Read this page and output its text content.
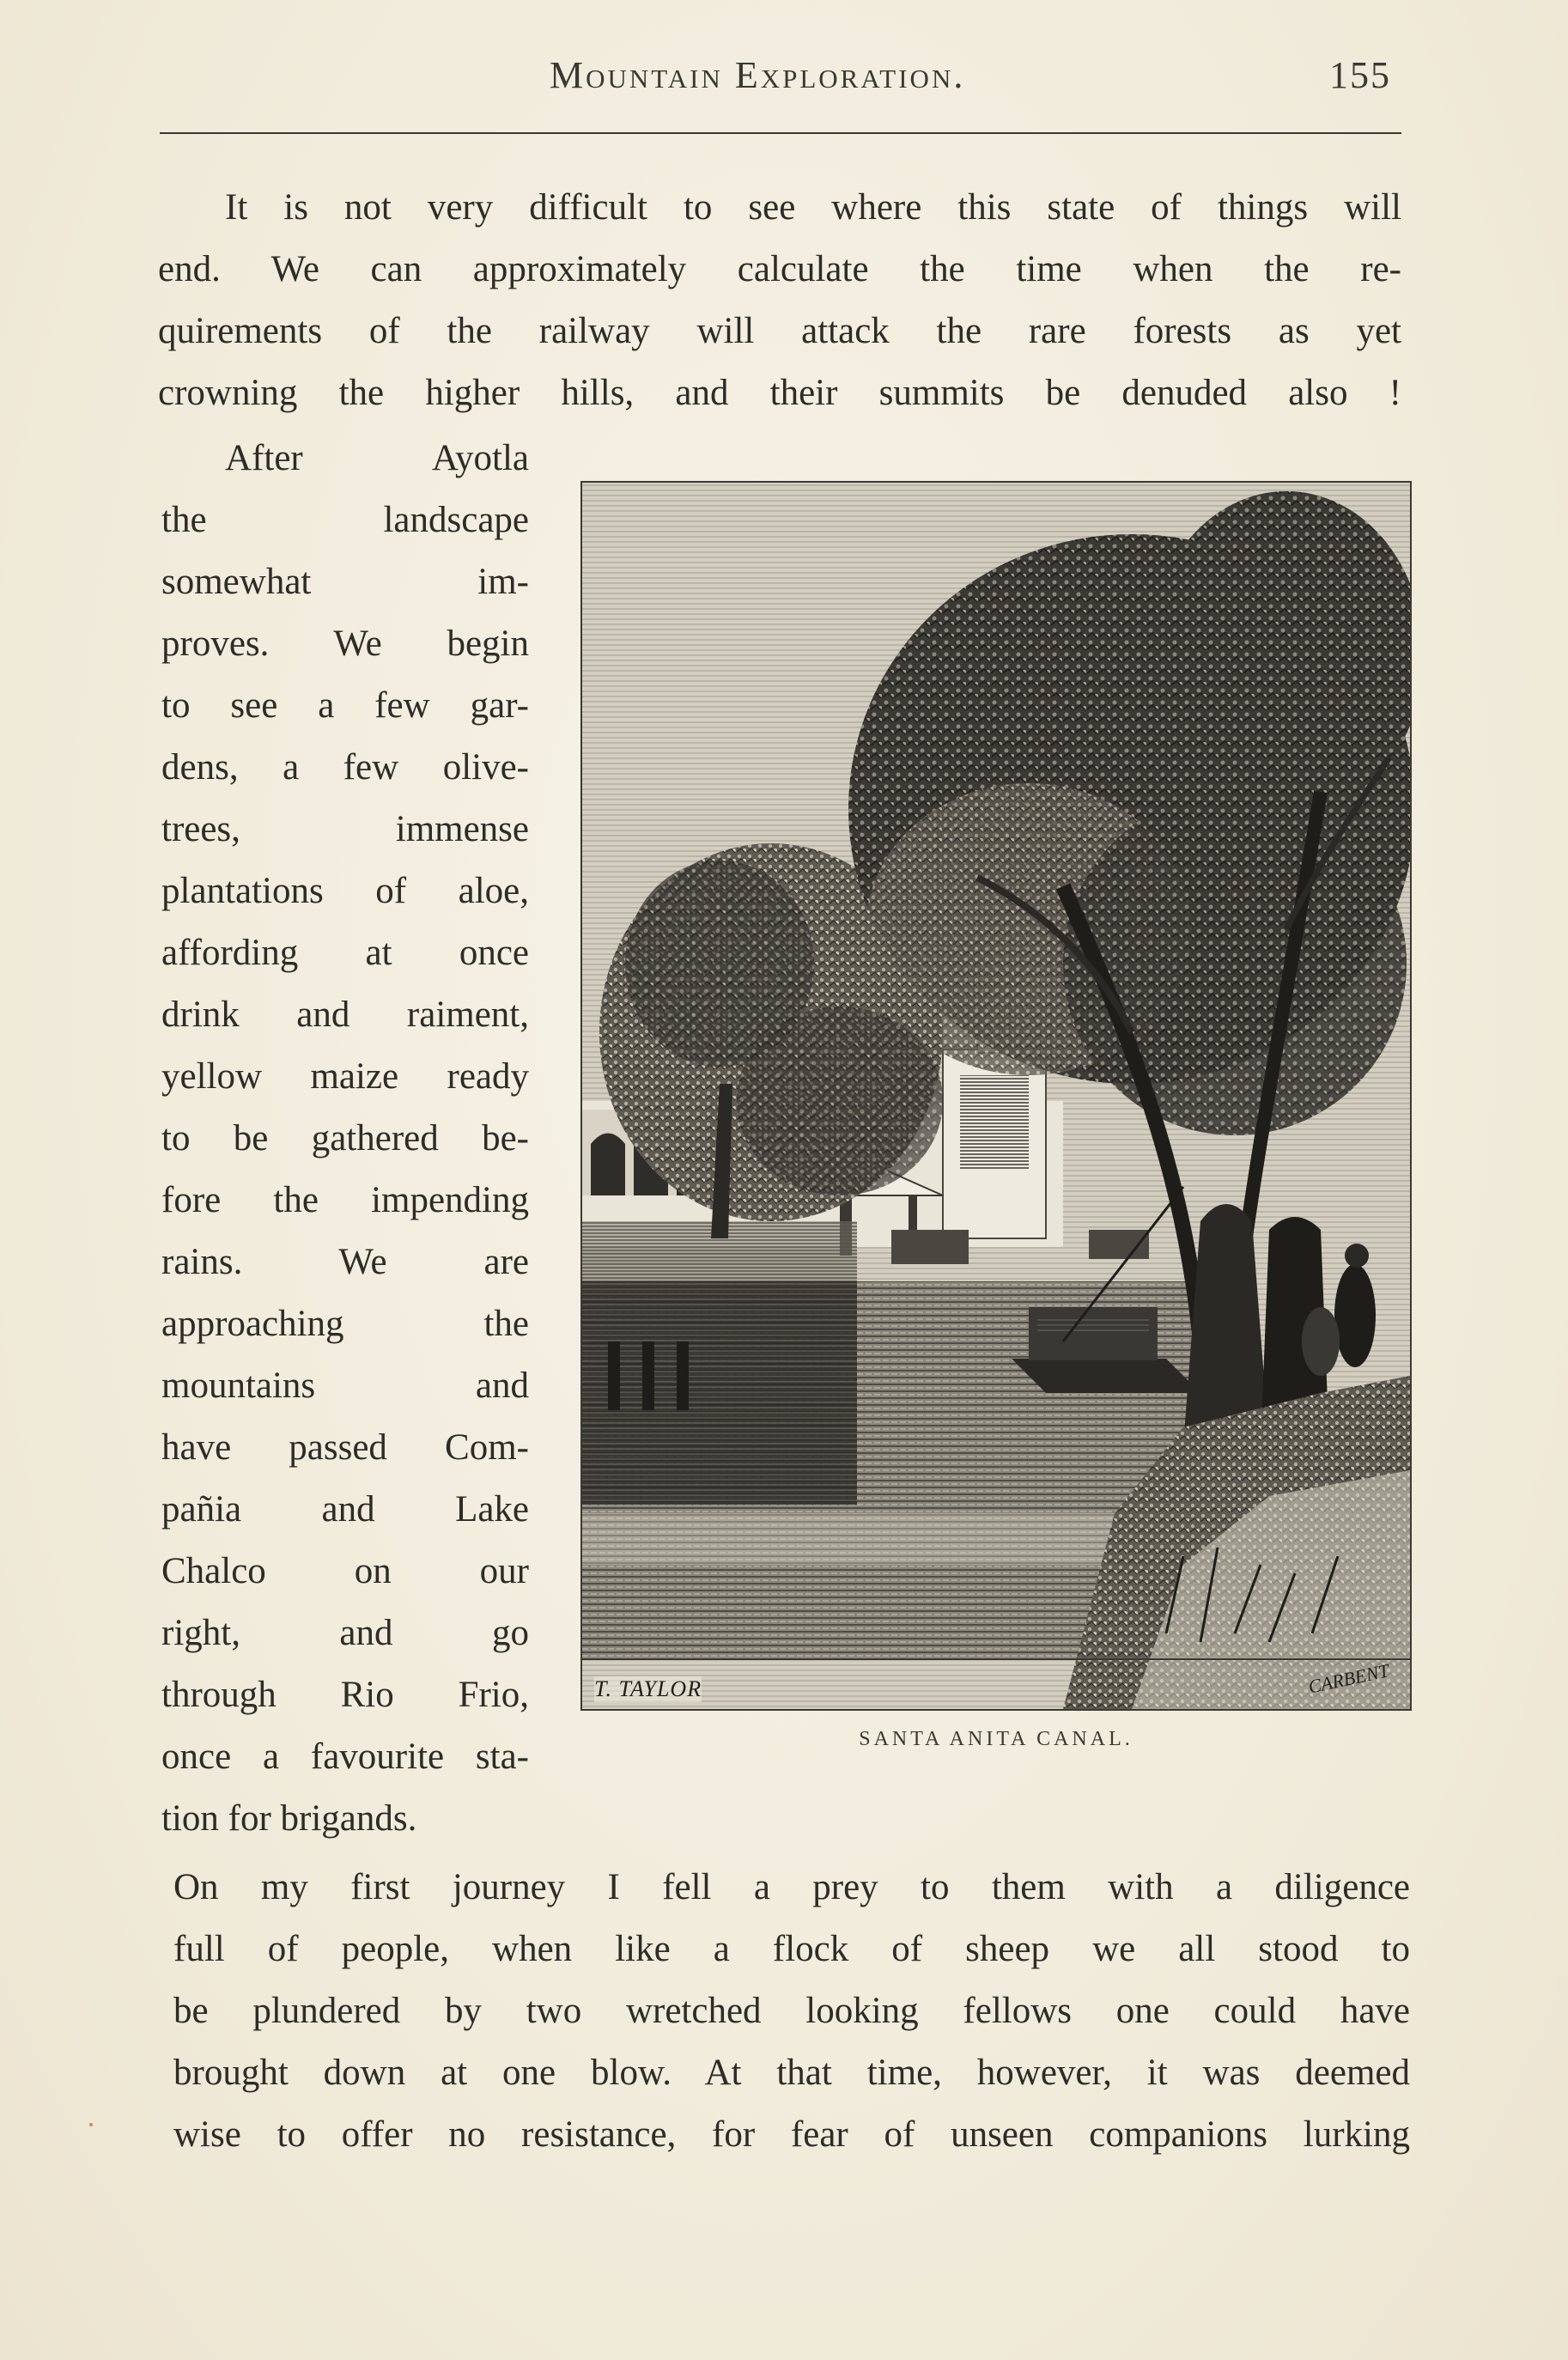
Mountain Exploration.	155
It is not very difficult to see where this state of things will
end. We can approximately calculate the time when the re-
quirements of the railway will attack the rare forests as yet
crowning the higher hills, and their summits be denuded also !
After Ayotla
the landscape
somewhat im-
proves. We begin
to see a few gar-
dens, a few olive-
trees, immense
plantations of aloe,
affording at once
drink and raiment,
yellow maize ready
to be gathered be-
fore the impending
rains. We are
approaching the
mountains and
have passed Com-
pañia and Lake
Chalco on our
right, and go
through Rio Frio,
once a favourite sta-
tion for brigands.
T. TAYLOR	CARBENT
SANTA ANITA CANAL.
On my first journey I fell a prey to them with a diligence
full of people, when like a flock of sheep we all stood to
be plundered by two wretched looking fellows one could have
brought down at one blow. At that time, however, it was deemed
wise to offer no resistance, for fear of unseen companions lurking
